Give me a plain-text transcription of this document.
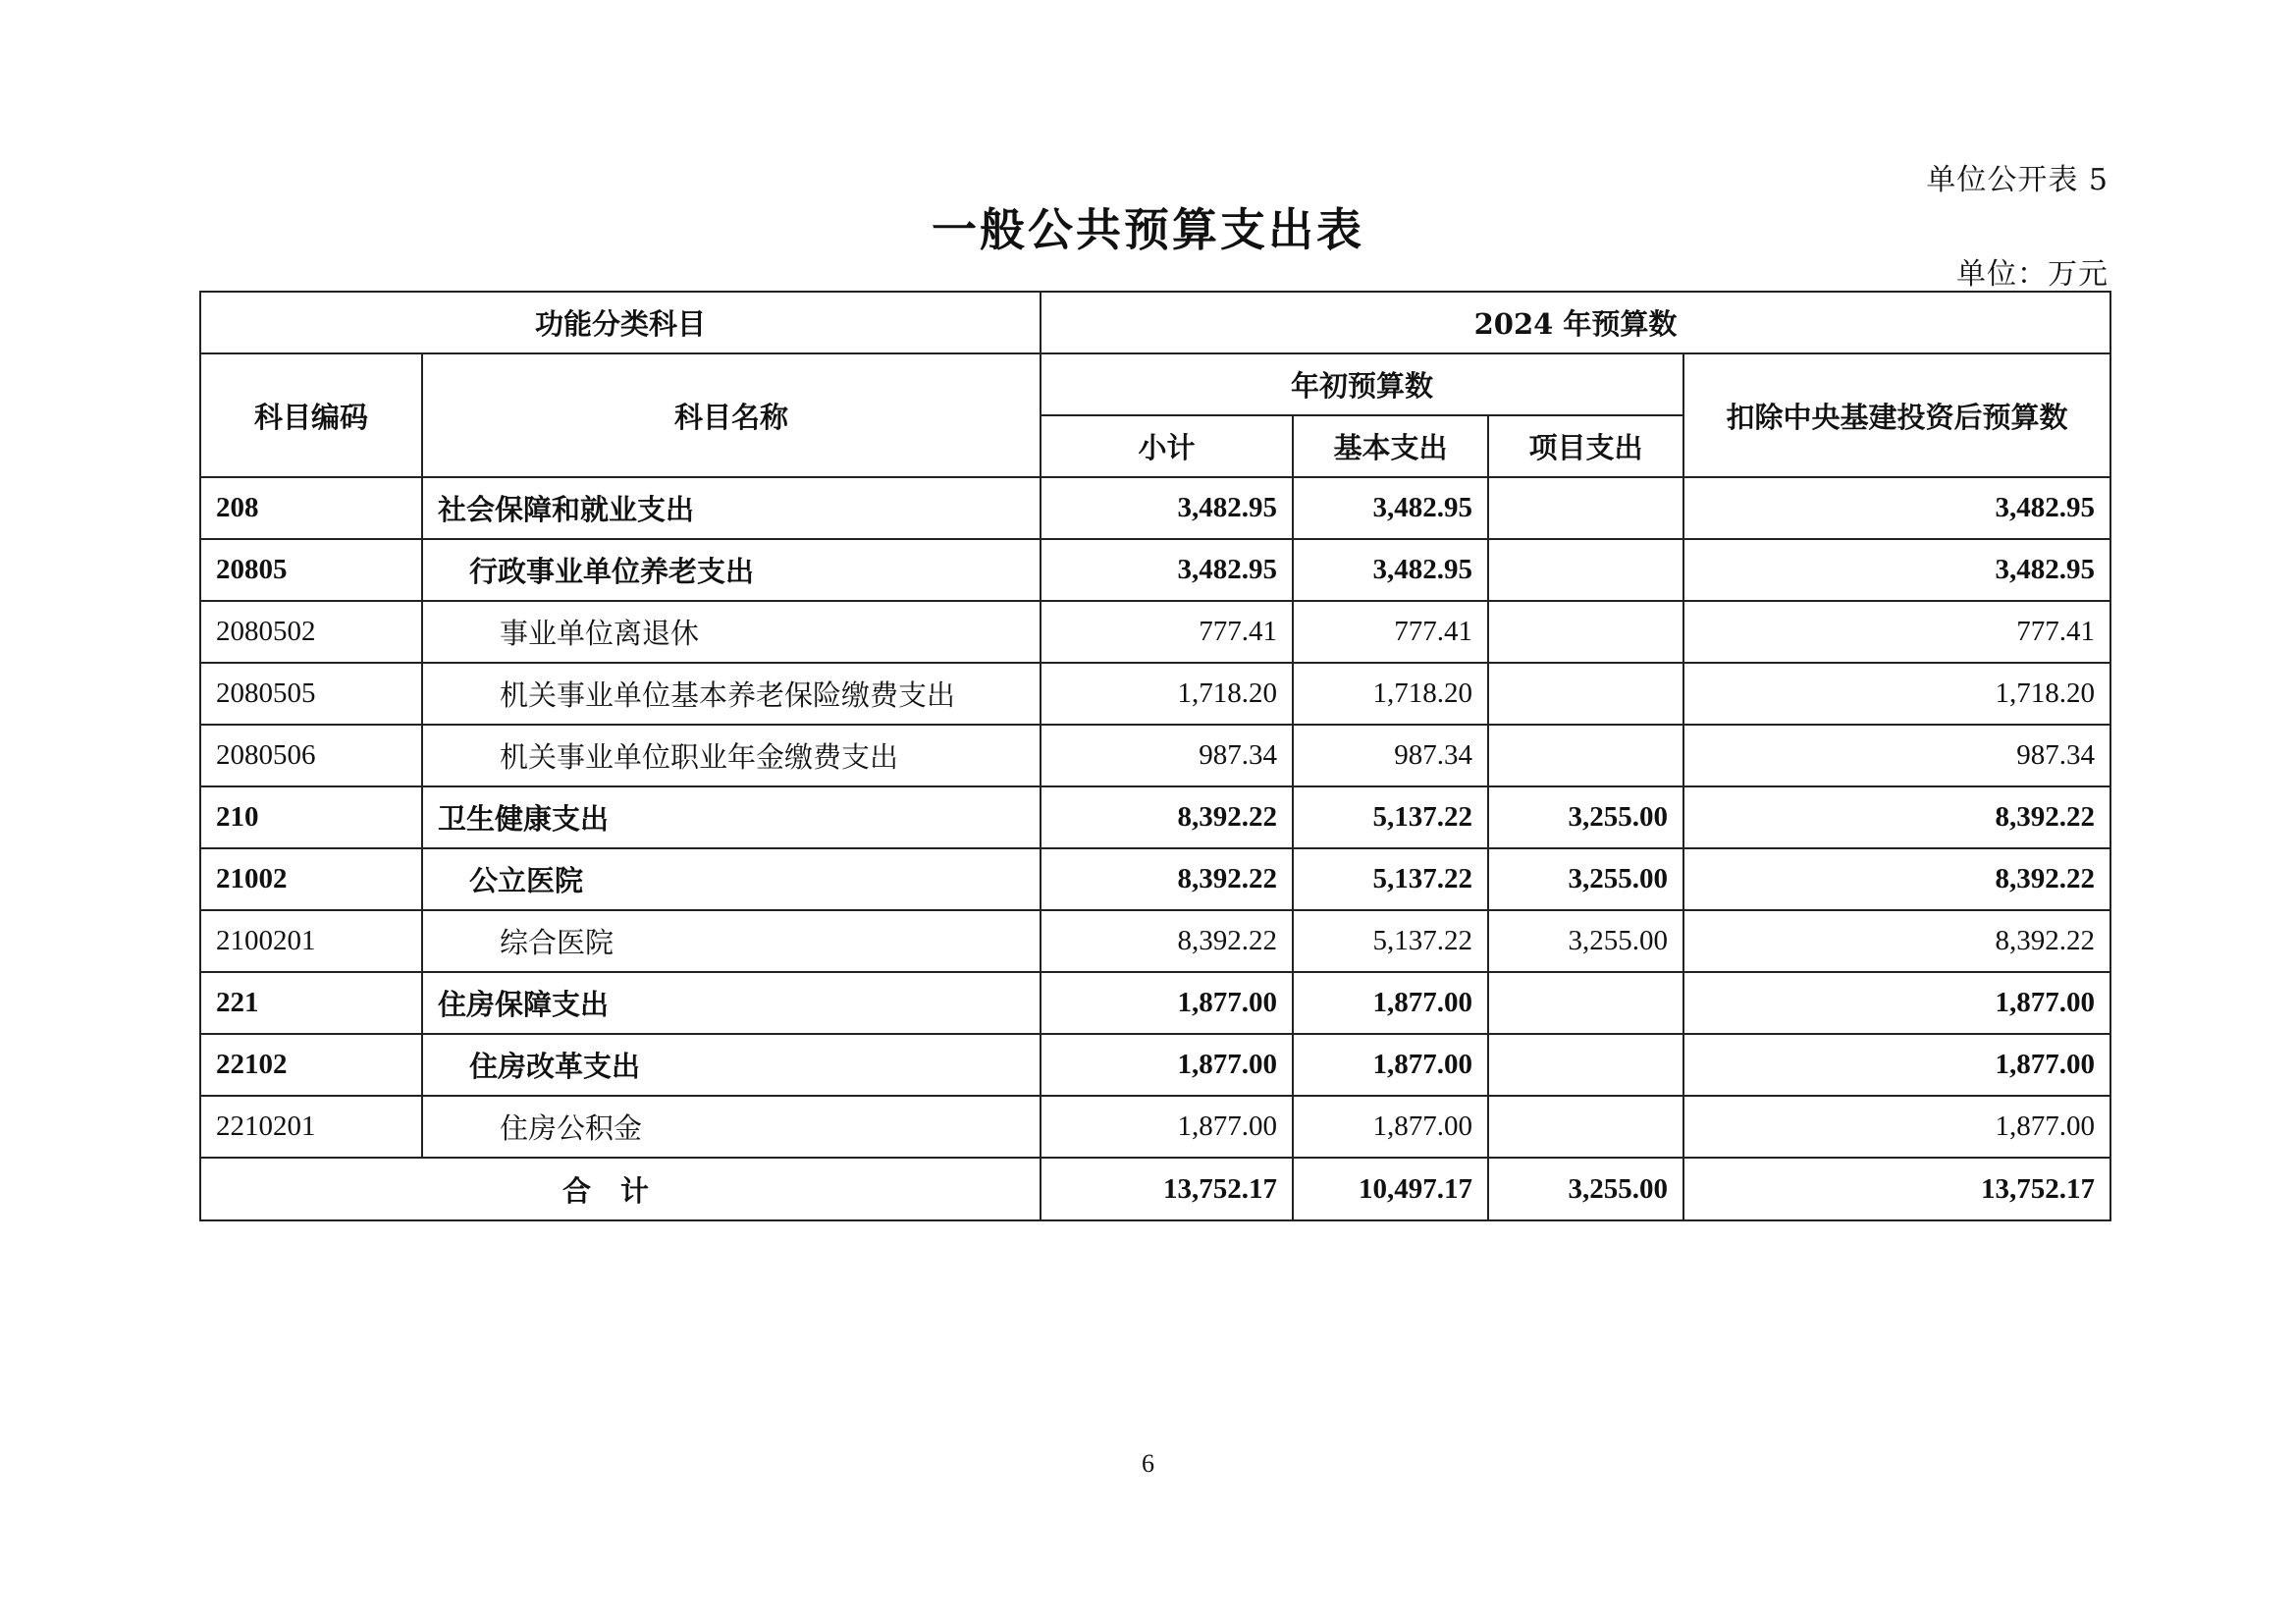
单位公开表 5
一般公共预算支出表
单位：万元
功能分类科目		2024 年预算数			
科目编码	科目名称	年初预算数			扣除中央基建投资后预算数
		小计	基本支出	项目支出	
208	社会保障和就业支出	3,482.95	3,482.95		3,482.95
20805	行政事业单位养老支出	3,482.95	3,482.95		3,482.95
2080502	事业单位离退休	777.41	777.41		777.41
2080505	机关事业单位基本养老保险缴费支出	1,718.20	1,718.20		1,718.20
2080506	机关事业单位职业年金缴费支出	987.34	987.34		987.34
210	卫生健康支出	8,392.22	5,137.22	3,255.00	8,392.22
21002	公立医院	8,392.22	5,137.22	3,255.00	8,392.22
2100201	综合医院	8,392.22	5,137.22	3,255.00	8,392.22
221	住房保障支出	1,877.00	1,877.00		1,877.00
22102	住房改革支出	1,877.00	1,877.00		1,877.00
2210201	住房公积金	1,877.00	1,877.00		1,877.00
合计		13,752.17	10,497.17	3,255.00	13,752.17
6
